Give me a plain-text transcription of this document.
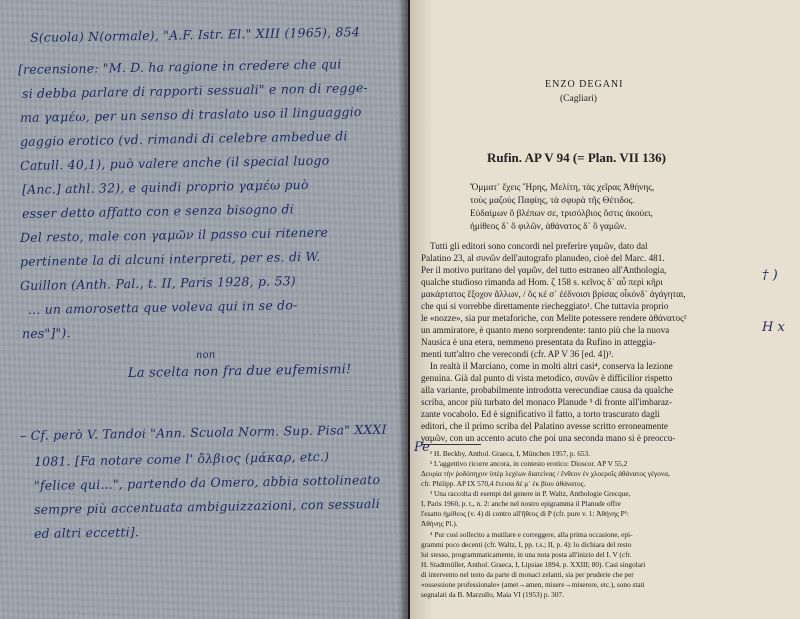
S(cuola) N(ormale), "A.F. Istr. El." XIII (1965), 854
[recensione: "M. D. ha ragione in credere che qui
si debba parlare di rapporti sessuali" e non di regge-
ma γαμέω, per un senso di traslato uso il linguaggio
gaggio erotico (vd. rimandi di celebre ambedue di
Catull. 40,1), può valere anche (il special luogo
[Anc.] athl. 32), e quindi proprio γαμέω può
esser detto affatto con e senza bisogno di
Del resto, male con γαμῶν il passo cui ritenere
pertinente la di alcuni interpreti, per es. di W.
Guillon (Anth. Pal., t. II, Paris 1928, p. 53)
... un amorosetta que voleva qui in se do-
nes"]").
non
La scelta non fra due eufemismi!
– Cf. però V. Tandoi "Ann. Scuola Norm. Sup. Pisa" XXXI
1081. [Fa notare come l' ὄλβιος (μάκαρ, etc.)
"felice qui...", partendo da Omero, abbia sottolineato
sempre più accentuata ambiguizzazioni, con sessuali
ed altri eccetti].
ENZO DEGANI
(Cagliari)
Rufin. AP V 94 (= Plan. VII 136)
Ὄμματ᾽ ἔχεις Ἥρης, Μελίτη, τὰς χεῖρας Ἀθήνης,
τοὺς μαζοὺς Παφίης, τὰ σφυρὰ τῆς Θέτιδος.
Εὐδαίμων ὃ βλέπων σε, τρισόλβιος ὅστις ἀκούει,
ἡμίθεος δ᾽ ὃ φιλῶν, ἀθάνατος δ᾽ ὃ γαμῶν.
Tutti gli editori sono concordi nel preferire γαμῶν, dato dal
Palatino 23, al συνῶν dell'autografo planudeo, cioè del Marc. 481.
Per il motivo puritano del γαμῶν, del tutto estraneo all'Anthologia,
qualche studioso rimanda ad Hom. ζ 158 s. κεῖνος δ᾽ αὖ περὶ κῆρι
μακάρτατος ἔξοχον ἄλλων, / ὅς κέ σ᾽ ἐέδνοισι βρίσας οἶκόνδ᾽ ἀγάγηται,
che qui si vorrebbe direttamente riecheggiato¹. Che tuttavia proprio
le «nozze», sia pur metaforiche, con Melite potessere rendere ἀθάνατος²
un ammiratore, è quanto meno sorprendente: tanto più che la nuova
Nausica è una etera, nemmeno presentata da Rufino in atteggia-
menti tutt'altro che verecondi (cfr. AP V 36 [ed. 4])³.
In realtà il Marciano, come in molti altri casi⁴, conserva la lezione
genuina. Già dal punto di vista metodico, συνῶν è difficilior rispetto
alla variante, probabilmente introdotta verecundiae causa da qualche
scriba, ancor più turbato del monaco Planude ⁵ di fronte all'imbaraz-
zante vocabolo. Ed è significativo il fatto, a torto trascurato dagli
editori, che il primo scriba del Palatino avesse scritto erroneamente
γαμῶν, con un accento acuto che poi una seconda mano si è preoccu-
¹ H. Beckby, Anthol. Graeca, I, München 1957, p. 653.
² L'aggettivo ricorre ancora, in contesto erotico: Dioscor. AP V 55,2
Δευρία τὴν ῥοδόπηχυν ὑπὲρ λεχέων διατείνας / ἔνθεον ἐν χλοεροῖς ἀθάνατος γέγονα,
cfr. Philipp. AP IX 570,4 ἔτεισα δέ μ᾽ ἐκ βίου ἀθάνατος.
³ Una raccolta di esempi del genere in P. Waltz, Anthologie Grecque,
I, Paris 1960, p. t., n. 2: anche nel nostro epigramma il Planude offre
l'esatto ἡμίθεος (v. 4) di contro all'ἤθεος di P (cfr. pure v. 1: Ἀθήνης P¹:
Ἀθήνης Pl.).
⁴ Pur così sollecito a mutilare e correggere, alla prima occasione, epi-
grammi poco decenti (cfr. Waltz, I, pp. t.s.; II, p. 4): lo dichiara del resto
lui stesso, programmaticamente, in una nota posta all'inizio del I. V (cfr.
H. Stadtmüller, Anthol. Graeca, I, Lipsiae 1894, p. XXIII; 80). Casi singolari
di intervento nel testo da parte di monaci zelanti, sia per pruderie che per
«ossessione professionale» (amet→amen, misere→miserere, etc.), sono stati
segnalati da B. Marzullo, Maia VI (1953) p. 307.
† )
H x
Pe
